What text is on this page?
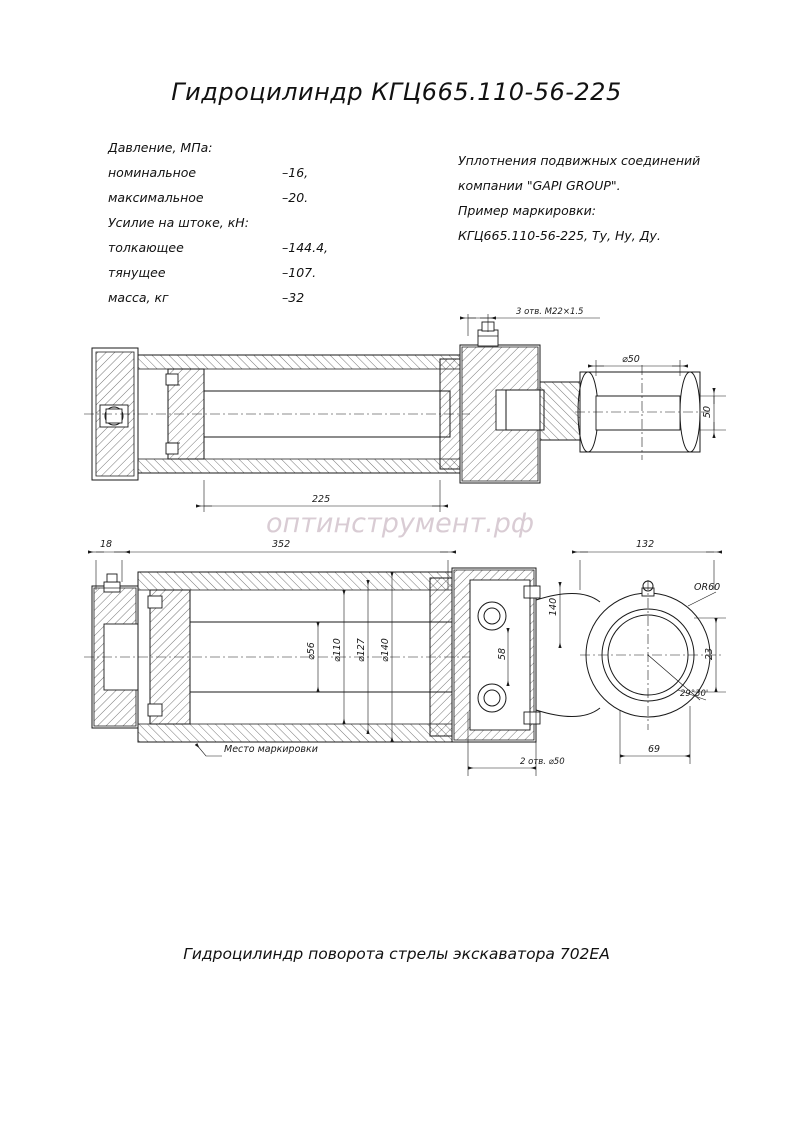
Гидроцилиндр КГЦ665.110-56-225
Давление, МПа:
номинальное	–16,
максимальное	–20.
Усилие на штоке, кН:
толкающее	–144.4,
тянущее	–107.
масса, кг	–32
Уплотнения подвижных соединений
компании "GAPI GROUP".
Пример маркировки:
КГЦ665.110-56-225, Ту, Ну, Ду.
3 отв. М22×1.5
⌀50
50
225
18	352	132
⌀56 ⌀110 ⌀127 ⌀140
140
58
OR60
23
29°30'
69
2 отв. ⌀50
Место маркировки
оптинструмент.рф
Гидроцилиндр поворота стрелы экскаватора 702ЕА
